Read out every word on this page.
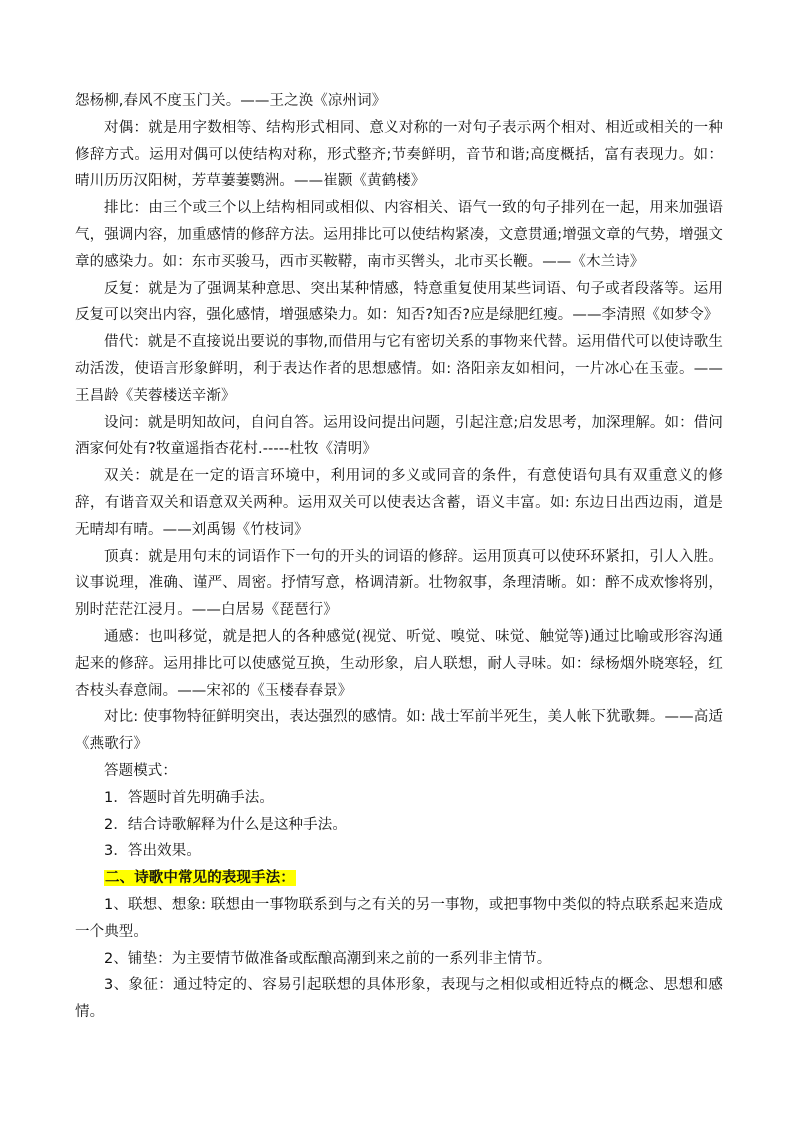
怨杨柳,春风不度玉门关。——王之涣《凉州词》

对偶：就是用字数相等、结构形式相同、意义对称的一对句子表示两个相对、相近或相关的一种修辞方式。运用对偶可以使结构对称，形式整齐;节奏鲜明，音节和谐;高度概括，富有表现力。如：晴川历历汉阳树，芳草萋萋鹦洲。——崔颢《黄鹤楼》

排比：由三个或三个以上结构相同或相似、内容相关、语气一致的句子排列在一起，用来加强语气，强调内容，加重感情的修辞方法。运用排比可以使结构紧凑，文意贯通;增强文章的气势，增强文章的感染力。如：东市买骏马，西市买鞍鞯，南市买辔头，北市买长鞭。——《木兰诗》

反复：就是为了强调某种意思、突出某种情感，特意重复使用某些词语、句子或者段落等。运用反复可以突出内容，强化感情，增强感染力。如：知否?知否?应是绿肥红瘦。——李清照《如梦令》

借代：就是不直接说出要说的事物,而借用与它有密切关系的事物来代替。运用借代可以使诗歌生动活泼，使语言形象鲜明，利于表达作者的思想感情。如: 洛阳亲友如相问，一片冰心在玉壶。——王昌龄《芙蓉楼送辛渐》

设问：就是明知故问，自问自答。运用设问提出问题，引起注意;启发思考，加深理解。如：借问酒家何处有?牧童遥指杏花村.-----杜牧《清明》

双关：就是在一定的语言环境中，利用词的多义或同音的条件，有意使语句具有双重意义的修辞，有谐音双关和语意双关两种。运用双关可以使表达含蓄，语义丰富。如: 东边日出西边雨，道是无晴却有晴。——刘禹锡《竹枝词》

顶真：就是用句末的词语作下一句的开头的词语的修辞。运用顶真可以使环环紧扣，引人入胜。 议事说理，准确、谨严、周密。抒情写意，格调清新。壮物叙事，条理清晰。如：醉不成欢惨将别，别时茫茫江浸月。——白居易《琵琶行》

通感：也叫移觉，就是把人的各种感觉(视觉、听觉、嗅觉、味觉、触觉等)通过比喻或形容沟通起来的修辞。运用排比可以使感觉互换，生动形象，启人联想，耐人寻味。如：绿杨烟外晓寒轻，红杏枝头春意闹。——宋祁的《玉楼春春景》

对比: 使事物特征鲜明突出，表达强烈的感情。如: 战士军前半死生，美人帐下犹歌舞。——高适《燕歌行》

答题模式：

1．答题时首先明确手法。

2．结合诗歌解释为什么是这种手法。

3．答出效果。

二、诗歌中常见的表现手法：

1、联想、想象: 联想由一事物联系到与之有关的另一事物，或把事物中类似的特点联系起来造成一个典型。

2、铺垫：为主要情节做准备或酝酿高潮到来之前的一系列非主情节。

3、象征：通过特定的、容易引起联想的具体形象，表现与之相似或相近特点的概念、思想和感情。
